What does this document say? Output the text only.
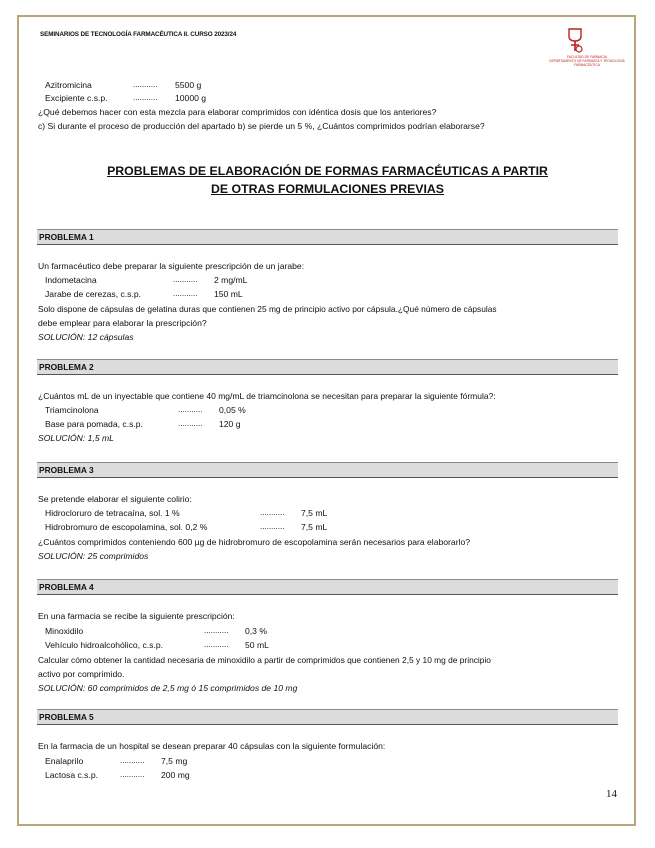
SEMINARIOS DE TECNOLOGÍA FARMACÉUTICA II. CURSO 2023/24
FACULTAD DE FARMACIA
DEPARTAMENTO DE FARMACIA Y TECNOLOGÍA FARMACÉUTICA
Azitromicina	........... 5500 g
Excipiente c.s.p.	........... 10000 g
¿Qué debemos hacer con esta mezcla para elaborar comprimidos con idéntica dosis que los anteriores?
c) Si durante el proceso de producción del apartado b) se pierde un 5 %, ¿Cuántos comprimidos podrían elaborarse?
PROBLEMAS DE ELABORACIÓN DE FORMAS FARMACÉUTICAS A PARTIR
DE OTRAS FORMULACIONES PREVIAS
PROBLEMA 1
Un farmacéutico debe preparar la siguiente prescripción de un jarabe:
Indometacina	........... 2 mg/mL
Jarabe de cerezas, c.s.p.	........... 150 mL
Solo dispone de cápsulas de gelatina duras que contienen 25 mg de principio activo por cápsula.¿Qué número de cápsulas
debe emplear para elaborar la prescripción?
SOLUCIÓN: 12 cápsulas
PROBLEMA 2
¿Cuántos mL de un inyectable que contiene 40 mg/mL de triamcinolona se necesitan para preparar la siguiente fórmula?:
Triamcinolona	........... 0,05 %
Base para pomada, c.s.p.	........... 120 g
SOLUCIÓN: 1,5 mL
PROBLEMA 3
Se pretende elaborar el siguiente colirio:
Hidrocloruro de tetracaína, sol. 1 %	........... 7,5 mL
Hidrobromuro de escopolamina, sol. 0,2 %	........... 7,5 mL
¿Cuántos comprimidos conteniendo 600 µg de hidrobromuro de escopolamina serán necesarios para elaborarlo?
SOLUCIÓN: 25 comprimidos
PROBLEMA 4
En una farmacia se recibe la siguiente prescripción:
Minoxidilo	........... 0,3 %
Vehículo hidroalcohólico, c.s.p.	........... 50 mL
Calcular cómo obtener la cantidad necesaria de minoxidilo a partir de comprimidos que contienen 2,5 y 10 mg de principio
activo por comprimido.
SOLUCIÓN: 60 comprimidos de 2,5 mg ó 15 comprimidos de 10 mg
PROBLEMA 5
En la farmacia de un hospital se desean preparar 40 cápsulas con la siguiente formulación:
Enalaprilo	........... 7,5 mg
Lactosa c.s.p.	........... 200 mg
14
